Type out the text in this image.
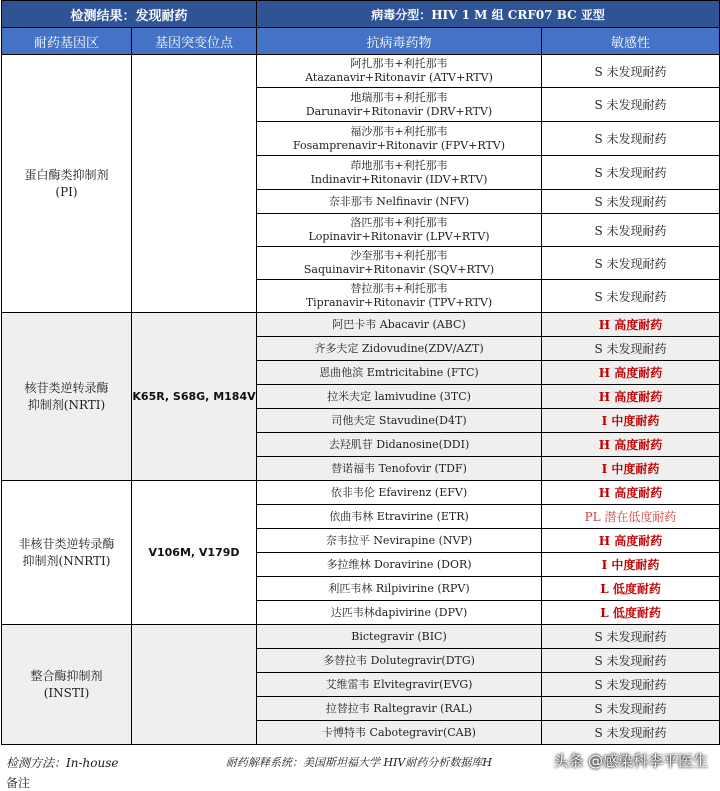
检测结果：发现耐药		病毒分型：HIV 1 M 组 CRF07 BC 亚型	
耐药基因区	基因突变位点	抗病毒药物	敏感性
蛋白酶类抑制剂
(PI)		阿扎那韦+利托那韦
Atazanavir+Ritonavir (ATV+RTV)	S 未发现耐药
		地瑞那韦+利托那韦
Darunavir+Ritonavir (DRV+RTV)	S 未发现耐药
		福沙那韦+利托那韦
Fosamprenavir+Ritonavir (FPV+RTV)	S 未发现耐药
		茚地那韦+利托那韦
Indinavir+Ritonavir (IDV+RTV)	S 未发现耐药
		奈非那韦 Nelfinavir (NFV)	S 未发现耐药
		洛匹那韦+利托那韦
Lopinavir+Ritonavir (LPV+RTV)	S 未发现耐药
		沙奎那韦+利托那韦
Saquinavir+Ritonavir (SQV+RTV)	S 未发现耐药
		替拉那韦+利托那韦
Tipranavir+Ritonavir (TPV+RTV)	S 未发现耐药
核苷类逆转录酶
抑制剂(NRTI)	K65R, S68G, M184V	阿巴卡韦 Abacavir (ABC)	H 高度耐药
		齐多夫定 Zidovudine(ZDV/AZT)	S 未发现耐药
		恩曲他滨 Emtricitabine (FTC)	H 高度耐药
		拉米夫定 lamivudine (3TC)	H 高度耐药
		司他夫定 Stavudine(D4T)	I 中度耐药
		去羟肌苷 Didanosine(DDI)	H 高度耐药
		替诺福韦 Tenofovir (TDF)	I 中度耐药
非核苷类逆转录酶
抑制剂(NNRTI)	V106M, V179D	依非韦伦 Efavirenz (EFV)	H 高度耐药
		依曲韦林 Etravirine (ETR)	PL 潜在低度耐药
		奈韦拉平 Nevirapine (NVP)	H 高度耐药
		多拉维林 Doravirine (DOR)	I 中度耐药
		利匹韦林 Rilpivirine (RPV)	L 低度耐药
		达匹韦林dapivirine (DPV)	L 低度耐药
整合酶抑制剂
(INSTI)		Bictegravir (BIC)	S 未发现耐药
		多替拉韦 Dolutegravir(DTG)	S 未发现耐药
		艾维雷韦 Elvitegravir(EVG)	S 未发现耐药
		拉替拉韦 Raltegravir (RAL)	S 未发现耐药
		卡博特韦 Cabotegravir(CAB)	S 未发现耐药
检测方法：In-house	耐药解释系统：美国斯坦福大学 HIV耐药分析数据库H	头条 @感染科李平医生
备注
